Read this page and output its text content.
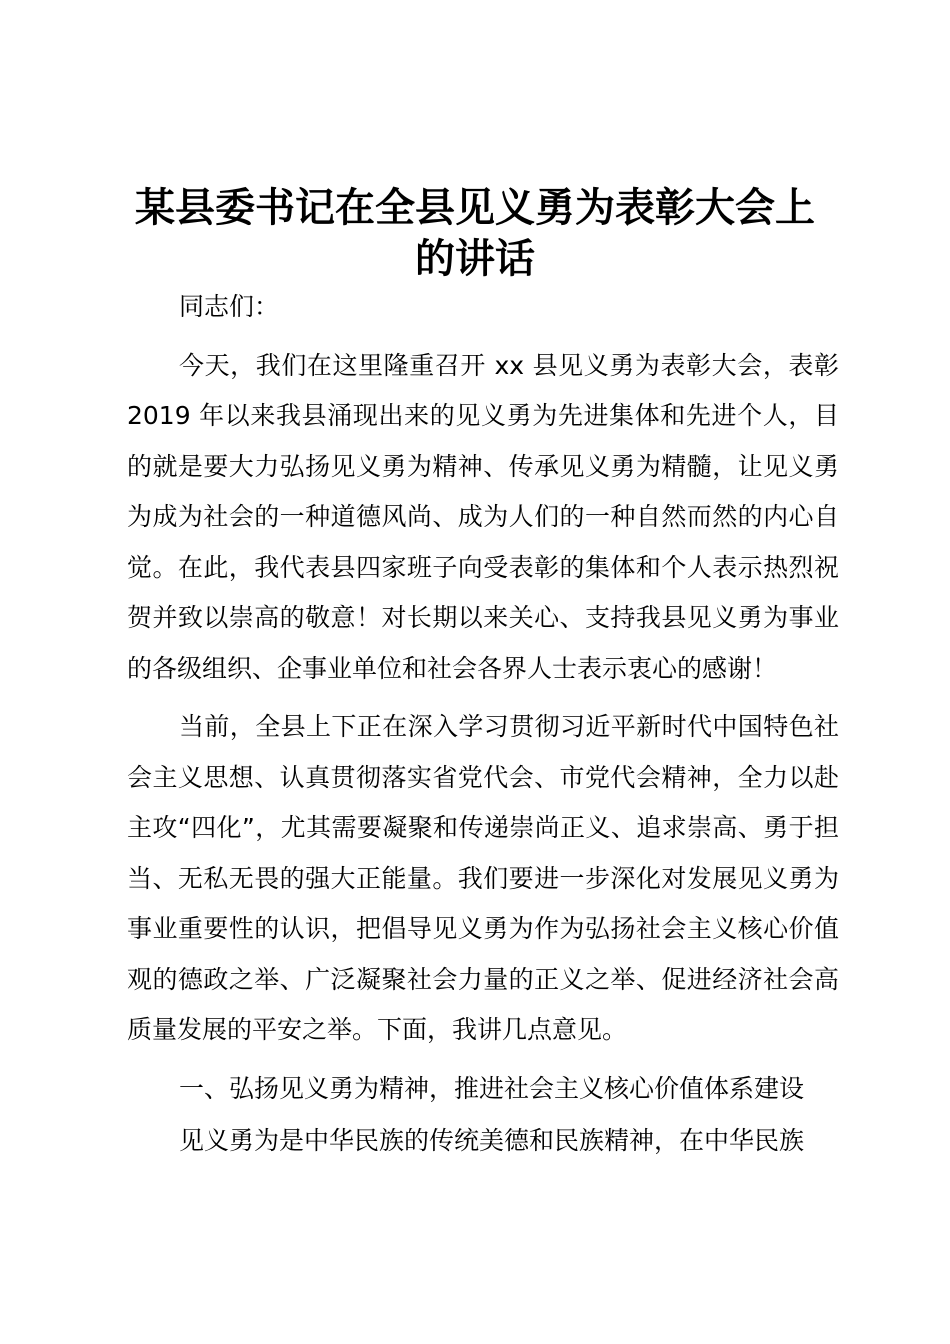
某县委书记在全县见义勇为表彰大会上
的讲话

同志们：

今天，我们在这里隆重召开 xx 县见义勇为表彰大会，表彰 2019 年以来我县涌现出来的见义勇为先进集体和先进个人，目的就是要大力弘扬见义勇为精神、传承见义勇为精髓，让见义勇为成为社会的一种道德风尚、成为人们的一种自然而然的内心自觉。在此，我代表县四家班子向受表彰的集体和个人表示热烈祝贺并致以崇高的敬意！对长期以来关心、支持我县见义勇为事业的各级组织、企事业单位和社会各界人士表示衷心的感谢！

当前，全县上下正在深入学习贯彻习近平新时代中国特色社会主义思想、认真贯彻落实省党代会、市党代会精神，全力以赴主攻“四化”，尤其需要凝聚和传递崇尚正义、追求崇高、勇于担当、无私无畏的强大正能量。我们要进一步深化对发展见义勇为事业重要性的认识，把倡导见义勇为作为弘扬社会主义核心价值观的德政之举、广泛凝聚社会力量的正义之举、促进经济社会高质量发展的平安之举。下面，我讲几点意见。

一、弘扬见义勇为精神，推进社会主义核心价值体系建设

见义勇为是中华民族的传统美德和民族精神，在中华民族
